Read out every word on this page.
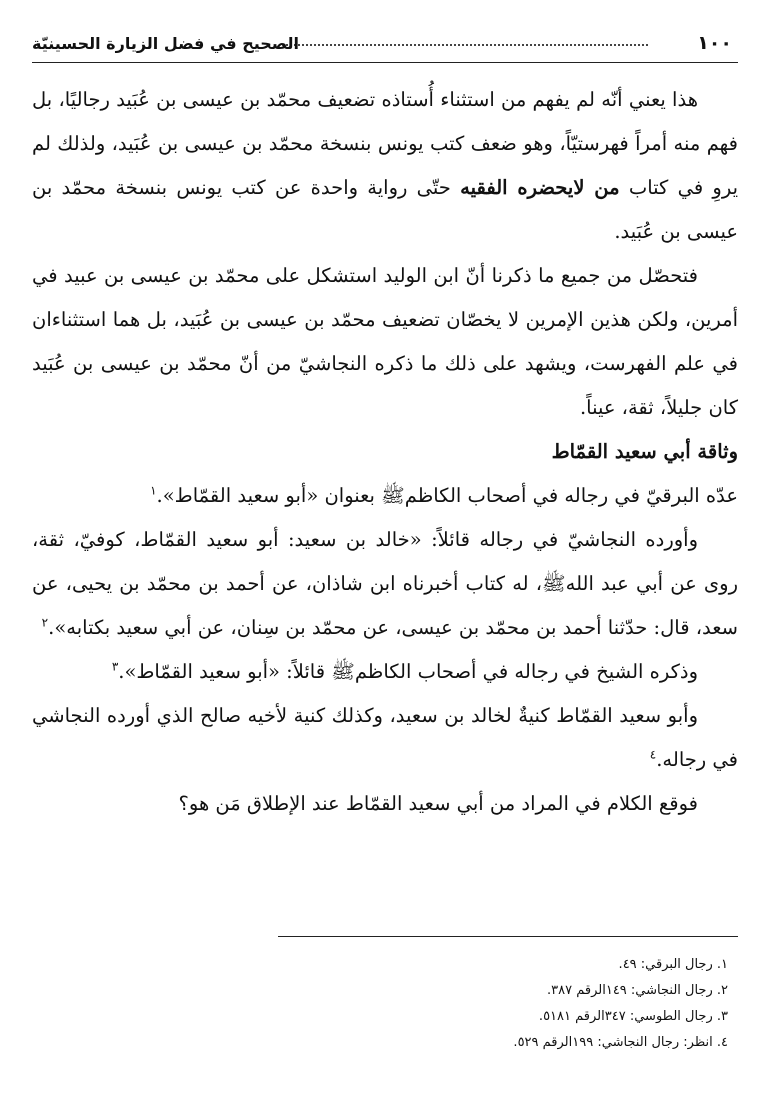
١٠٠
الصحيح في فضل الزيارة الحسينيّة

هذا يعني أنّه لم يفهم من استثناء أُستاذه تضعيف محمّد بن عيسى بن عُبَيد رجاليًا، بل فهم منه أمراً فهرستيّاً، وهو ضعف كتب يونس بنسخة محمّد بن عيسى بن عُبَيد، ولذلك لم يروِ في كتاب من لايحضره الفقيه حتّى رواية واحدة عن كتب يونس بنسخة محمّد بن عيسى بن عُبَيد.

فتحصّل من جميع ما ذكرنا أنّ ابن الوليد استشكل على محمّد بن عيسى بن عبيد في أمرين، ولكن هذين الإمرين لا يخصّان تضعيف محمّد بن عيسى بن عُبَيد، بل هما استثناءان في علم الفهرست، ويشهد على ذلك ما ذكره النجاشيّ من أنّ محمّد بن عيسى بن عُبَيد كان جليلاً، ثقة، عيناً.

وثاقة أبي سعيد القمّاط

عدّه البرقيّ في رجاله في أصحاب الكاظمﷺ بعنوان «أبو سعيد القمّاط».$^١$

وأورده النجاشيّ في رجاله قائلاً: «خالد بن سعيد: أبو سعيد القمّاط، كوفيّ، ثقة، روى عن أبي عبد اللهﷺ، له كتاب أخبرناه ابن شاذان، عن أحمد بن محمّد بن يحيى، عن سعد، قال: حدّثنا أحمد بن محمّد بن عيسى، عن محمّد بن سِنان، عن أبي سعيد بكتابه».$^٢$

وذكره الشيخ في رجاله في أصحاب الكاظمﷺ قائلاً: «أبو سعيد القمّاط».$^٣$

وأبو سعيد القمّاط كنيةٌ لخالد بن سعيد، وكذلك كنية لأخيه صالح الذي أورده النجاشي في رجاله.$^٤$

فوقع الكلام في المراد من أبي سعيد القمّاط عند الإطلاق مَن هو؟

١. رجال البرقي: ٤٩.
٢. رجال النجاشي: ١٤٩الرقم ٣٨٧.
٣. رجال الطوسي: ٣٤٧الرقم ٥١٨١.
٤. انظر: رجال النجاشي: ١٩٩الرقم ٥٢٩.
